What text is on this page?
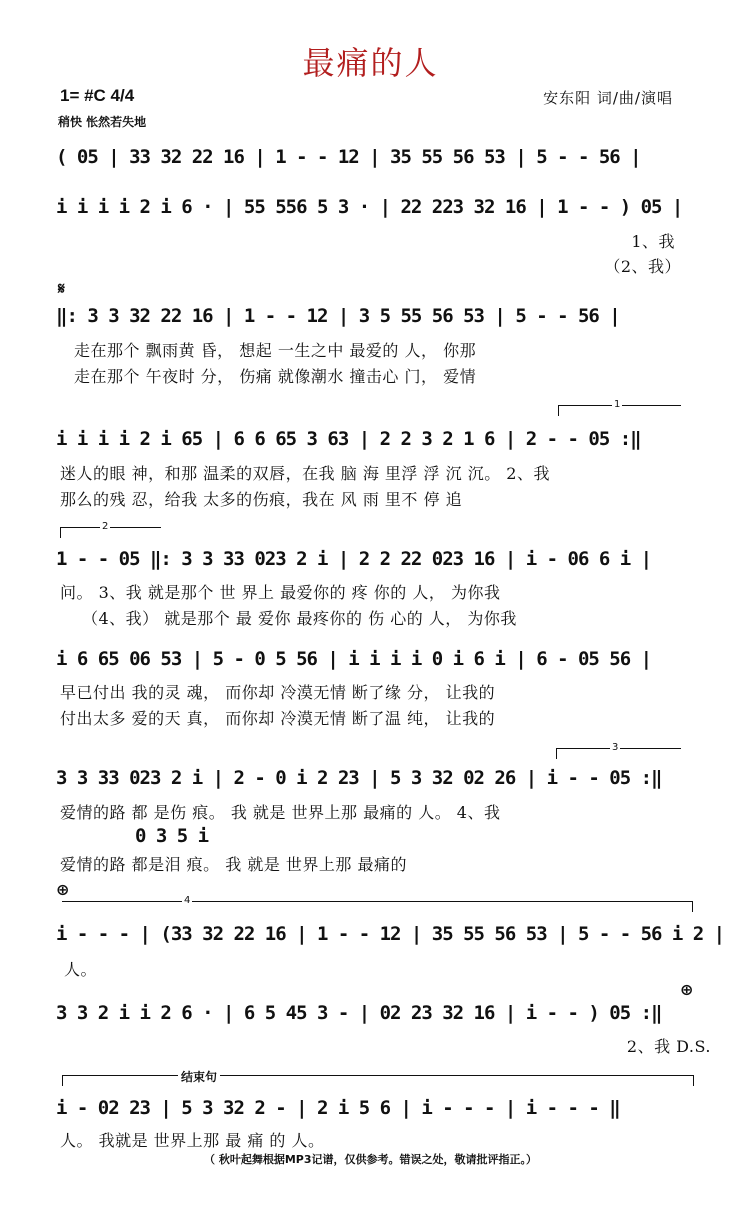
最痛的人
1= #C 4/4
稍快 怅然若失地
安东阳 词/曲/演唱
( 05 | 33 32 22 16 | 1 - - 12 | 35 55 56 53 | 5 - - 56 |
i i i i 2 i 6 · | 55 556 5 3 · | 22 223 32 16 | 1 - - ) 05 |
1、我
（2、我）
𝄋
‖: 3 3 32 22 16 | 1 - - 12 | 3 5 55 56 53 | 5 - - 56 |
走在那个 飘雨黄 昏， 想起 一生之中 最爱的 人， 你那
走在那个 午夜时 分， 伤痛 就像潮水 撞击心 门， 爱情
1
i i i i 2 i 65 | 6 6 65 3 63 | 2 2 3 2 1 6 | 2 - - 05 :‖
迷人的眼 神，和那 温柔的双唇，在我 脑 海 里浮 浮 沉 沉。 2、我
那么的残 忍，给我 太多的伤痕，我在 风 雨 里不 停 追
2
1 - - 05 ‖: 3 3 33 023 2 i | 2 2 22 023 16 | i - 06 6 i |
问。 3、我 就是那个 世 界上 最爱你的 疼 你的 人， 为你我
（4、我） 就是那个 最 爱你 最疼你的 伤 心的 人， 为你我
i 6 65 06 53 | 5 - 0 5 56 | i i i i 0 i 6 i | 6 - 05 56 |
早已付出 我的灵 魂， 而你却 冷漠无情 断了缘 分， 让我的
付出太多 爱的天 真， 而你却 冷漠无情 断了温 纯， 让我的
3
3 3 33 023 2 i | 2 - 0 i 2 23 | 5 3 32 02 26 | i - - 05 :‖
爱情的路 都 是伤 痕。 我 就是 世界上那 最痛的 人。 4、我
0 3 5 i
爱情的路 都是泪 痕。 我 就是 世界上那 最痛的
⊕
4
i - - - | (33 32 22 16 | 1 - - 12 | 35 55 56 53 | 5 - - 56 i 2 |
人。
⊕
3 3 2 i i 2 6 · | 6 5 45 3 - | 02 23 32 16 | i - - ) 05 :‖
2、我 D.S.
结束句
i - 02 23 | 5 3 32 2 - | 2 i 5 6 | i - - - | i - - - ‖
人。 我就是 世界上那 最 痛 的 人。
（ 秋叶起舞根据MP3记谱，仅供参考。错误之处，敬请批评指正。）
